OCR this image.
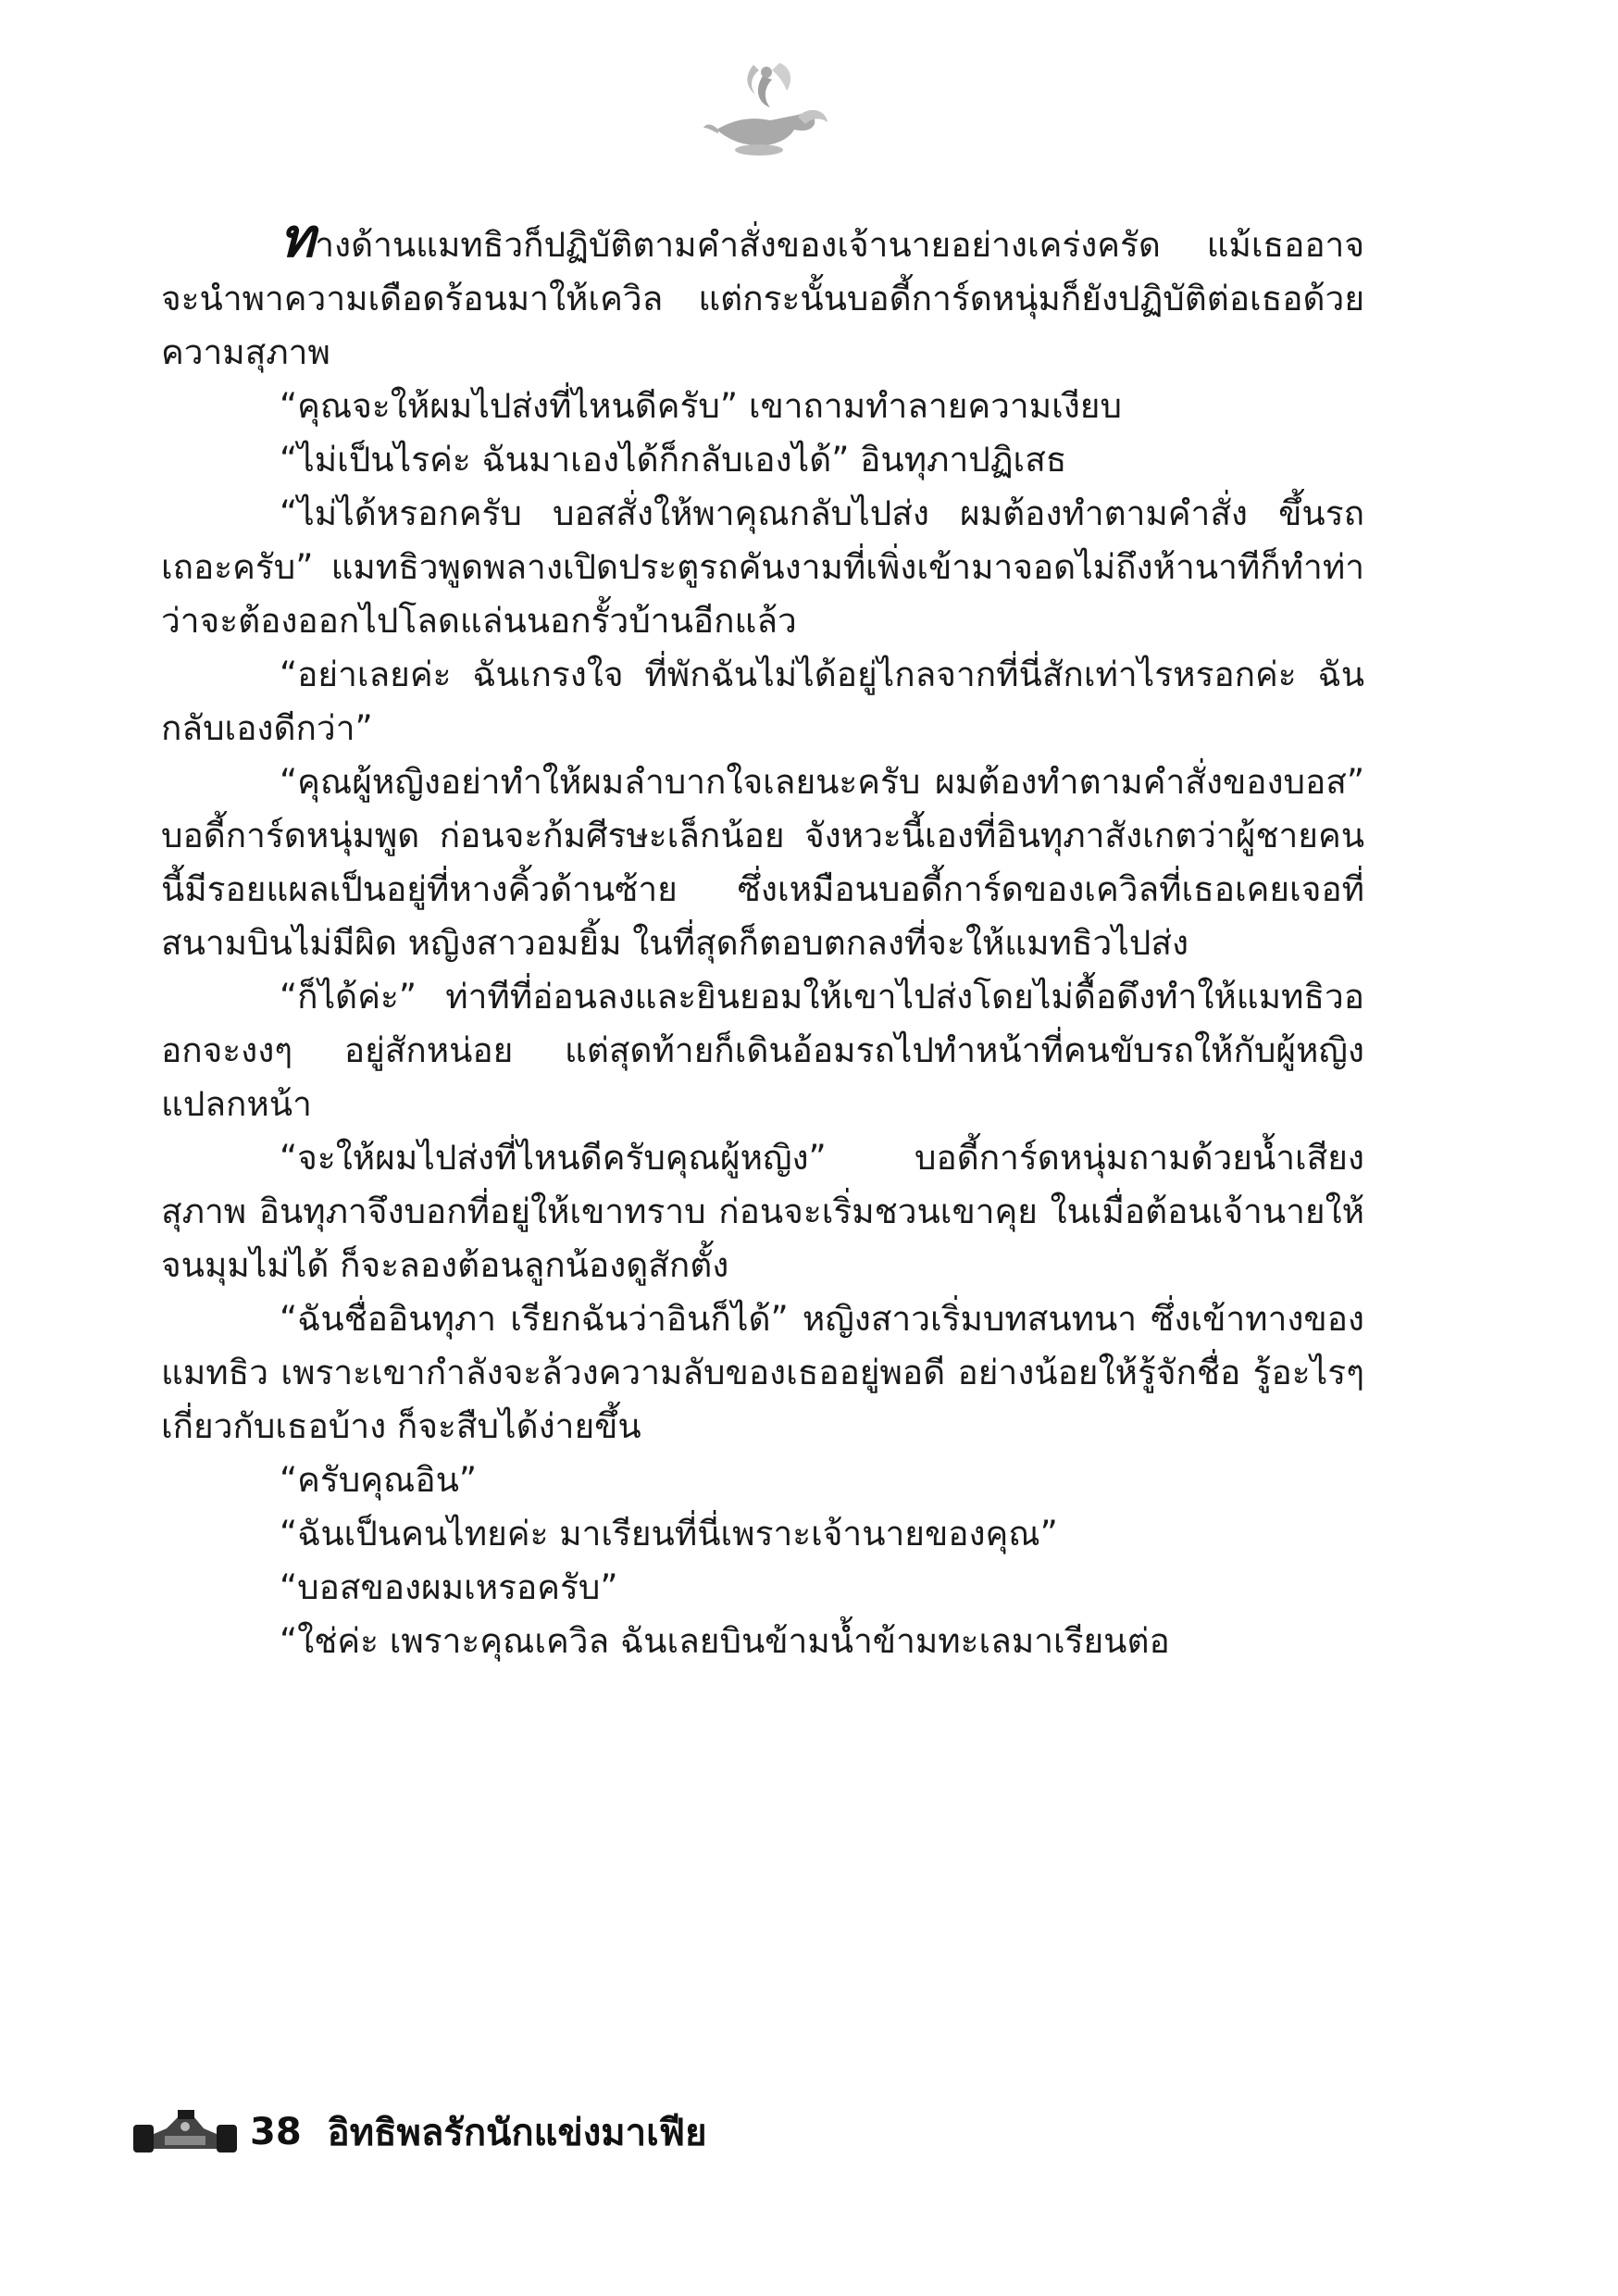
ทางด้านแมทธิวก็ปฏิบัติตามคำสั่งของเจ้านายอย่างเคร่งครัด แม้เธออาจจะนำพาความเดือดร้อนมาให้เควิล แต่กระนั้นบอดี้การ์ดหนุ่มก็ยังปฏิบัติต่อเธอด้วยความสุภาพ

“คุณจะให้ผมไปส่งที่ไหนดีครับ” เขาถามทำลายความเงียบ

“ไม่เป็นไรค่ะ ฉันมาเองได้ก็กลับเองได้” อินทุภาปฏิเสธ

“ไม่ได้หรอกครับ บอสสั่งให้พาคุณกลับไปส่ง ผมต้องทำตามคำสั่ง ขึ้นรถเถอะครับ” แมทธิวพูดพลางเปิดประตูรถคันงามที่เพิ่งเข้ามาจอดไม่ถึงห้านาทีก็ทำท่าว่าจะต้องออกไปโลดแล่นนอกรั้วบ้านอีกแล้ว

“อย่าเลยค่ะ ฉันเกรงใจ ที่พักฉันไม่ได้อยู่ไกลจากที่นี่สักเท่าไรหรอกค่ะ ฉันกลับเองดีกว่า”

“คุณผู้หญิงอย่าทำให้ผมลำบากใจเลยนะครับ ผมต้องทำตามคำสั่งของบอส” บอดี้การ์ดหนุ่มพูด ก่อนจะก้มศีรษะเล็กน้อย จังหวะนี้เองที่อินทุภาสังเกตว่าผู้ชายคนนี้มีรอยแผลเป็นอยู่ที่หางคิ้วด้านซ้าย ซึ่งเหมือนบอดี้การ์ดของเควิลที่เธอเคยเจอที่สนามบินไม่มีผิด หญิงสาวอมยิ้ม ในที่สุดก็ตอบตกลงที่จะให้แมทธิวไปส่ง

“ก็ได้ค่ะ” ท่าทีที่อ่อนลงและยินยอมให้เขาไปส่งโดยไม่ดื้อดึงทำให้แมทธิวออกจะงงๆ อยู่สักหน่อย แต่สุดท้ายก็เดินอ้อมรถไปทำหน้าที่คนขับรถให้กับผู้หญิงแปลกหน้า

“จะให้ผมไปส่งที่ไหนดีครับคุณผู้หญิง” บอดี้การ์ดหนุ่มถามด้วยน้ำเสียงสุภาพ อินทุภาจึงบอกที่อยู่ให้เขาทราบ ก่อนจะเริ่มชวนเขาคุย ในเมื่อต้อนเจ้านายให้จนมุมไม่ได้ ก็จะลองต้อนลูกน้องดูสักตั้ง

“ฉันชื่ออินทุภา เรียกฉันว่าอินก็ได้” หญิงสาวเริ่มบทสนทนา ซึ่งเข้าทางของแมทธิว เพราะเขากำลังจะล้วงความลับของเธออยู่พอดี อย่างน้อยให้รู้จักชื่อ รู้อะไรๆ เกี่ยวกับเธอบ้าง ก็จะสืบได้ง่ายขึ้น

“ครับคุณอิน”

“ฉันเป็นคนไทยค่ะ มาเรียนที่นี่เพราะเจ้านายของคุณ”

“บอสของผมเหรอครับ”

“ใช่ค่ะ เพราะคุณเควิล ฉันเลยบินข้ามน้ำข้ามทะเลมาเรียนต่อ

38 อิทธิพลรักนักแข่งมาเฟีย
